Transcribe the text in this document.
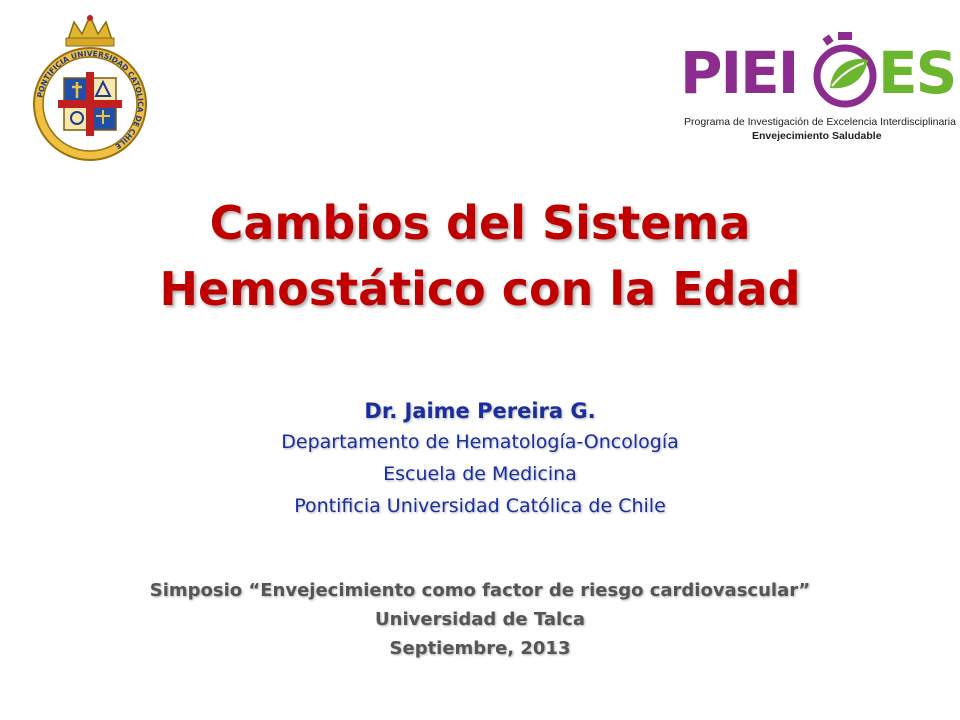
PONTIFICIA UNIVERSIDAD CATOLICA DE CHILE
PIEI ES
Programa de Investigación de Excelencia Interdisciplinaria
Envejecimiento Saludable
Cambios del Sistema
Hemostático con la Edad
Dr. Jaime Pereira G.
Departamento de Hematología-Oncología
Escuela de Medicina
Pontificia Universidad Católica de Chile
Simposio “Envejecimiento como factor de riesgo cardiovascular”
Universidad de Talca
Septiembre, 2013
